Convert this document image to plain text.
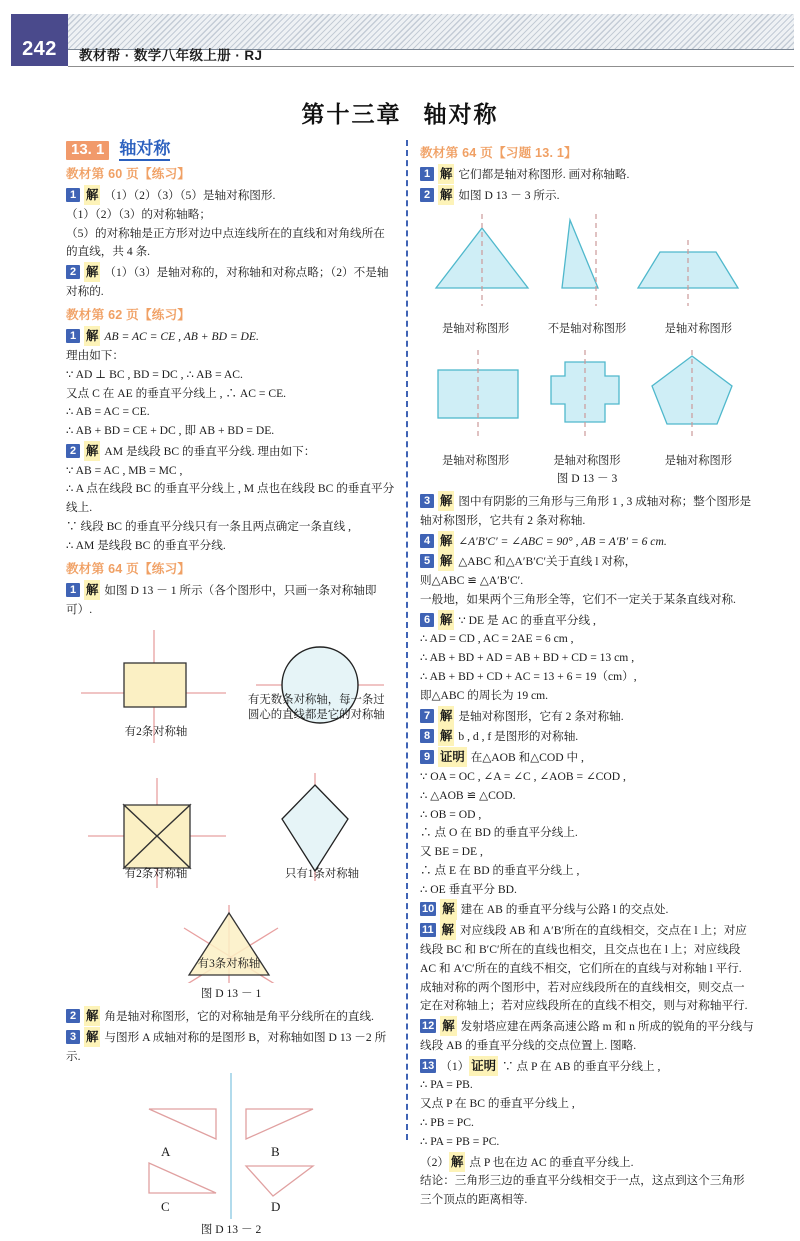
242	教材帮 · 数学八年级上册 · RJ
第十三章 轴对称
13. 1 轴对称
教材第 60 页【练习】

1 解 （1）（2）（3）（5）是轴对称图形.

（1）（2）（3）的对称轴略；

（5）的对称轴是正方形对边中点连线所在的直线和对角线所在的直线，共 4 条.

2 解 （1）（3）是轴对称的，对称轴和对称点略；（2）不是轴对称的.

教材第 62 页【练习】

1 解 AB = AC = CE , AB + BD = DE.

理由如下：

∵ AD ⊥ BC , BD = DC , ∴ AB = AC.

又点 C 在 AE 的垂直平分线上 , ∴ AC = CE.

∴ AB = AC = CE.

∴ AB + BD = CE + DC , 即 AB + BD = DE.

2 解 AM 是线段 BC 的垂直平分线. 理由如下：

∵ AB = AC , MB = MC ,

∴ A 点在线段 BC 的垂直平分线上 , M 点也在线段 BC 的垂直平分线上.

∵ 线段 BC 的垂直平分线只有一条且两点确定一条直线 ,

∴ AM 是线段 BC 的垂直平分线.

教材第 64 页【练习】

1 解 如图 D 13 － 1 所示（各个图形中，只画一条对称轴即可）.

有2条对称轴
有无数条对称轴，每一条过圆心的直线都是它的对称轴
有2条对称轴	只有1条对称轴
有3条对称轴
图 D 13 － 1

2 解 角是轴对称图形，它的对称轴是角平分线所在的直线.

3 解 与图形 A 成轴对称的是图形 B，对称轴如图 D 13 －2 所示.

A	B
C	D
图 D 13 － 2
教材第 64 页【习题 13. 1】

1 解 它们都是轴对称图形. 画对称轴略.

2 解 如图 D 13 － 3 所示.

是轴对称图形	不是轴对称图形	是轴对称图形
是轴对称图形	是轴对称图形	是轴对称图形
图 D 13 － 3

3 解 图中有阴影的三角形与三角形 1 , 3 成轴对称；整个图形是轴对称图形，它共有 2 条对称轴.

4 解 ∠A′B′C′ = ∠ABC = 90° , AB = A′B′ = 6 cm.

5 解 △ABC 和△A′B′C′关于直线 l 对称，

则△ABC ≌ △A′B′C′.

一般地，如果两个三角形全等，它们不一定关于某条直线对称.

6 解 ∵ DE 是 AC 的垂直平分线 ,

∴ AD = CD , AC = 2AE = 6 cm ,

∴ AB + BD + AD = AB + BD + CD = 13 cm ,

∴ AB + BD + CD + AC = 13 + 6 = 19（cm）,

即△ABC 的周长为 19 cm.

7 解 是轴对称图形，它有 2 条对称轴.

8 解 b , d , f 是图形的对称轴.

9 证明 在△AOB 和△COD 中 ,

∵ OA = OC , ∠A = ∠C , ∠AOB = ∠COD ,

∴ △AOB ≌ △COD.

∴ OB = OD ,

∴ 点 O 在 BD 的垂直平分线上.

又 BE = DE ,

∴ 点 E 在 BD 的垂直平分线上 ,

∴ OE 垂直平分 BD.

10 解 建在 AB 的垂直平分线与公路 l 的交点处.

11 解 对应线段 AB 和 A′B′所在的直线相交，交点在 l 上；对应线段 BC 和 B′C′所在的直线也相交，且交点也在 l 上；对应线段 AC 和 A′C′所在的直线不相交，它们所在的直线与对称轴 l 平行. 成轴对称的两个图形中，若对应线段所在的直线相交，则交点一定在对称轴上；若对应线段所在的直线不相交，则与对称轴平行.

12 解 发射塔应建在两条高速公路 m 和 n 所成的锐角的平分线与线段 AB 的垂直平分线的交点位置上. 图略.

13 （1） 证明 ∵ 点 P 在 AB 的垂直平分线上 ,

∴ PA = PB.

又点 P 在 BC 的垂直平分线上 ,

∴ PB = PC.

∴ PA = PB = PC.

（2） 解 点 P 也在边 AC 的垂直平分线上.

结论：三角形三边的垂直平分线相交于一点，这点到这个三角形三个顶点的距离相等.
